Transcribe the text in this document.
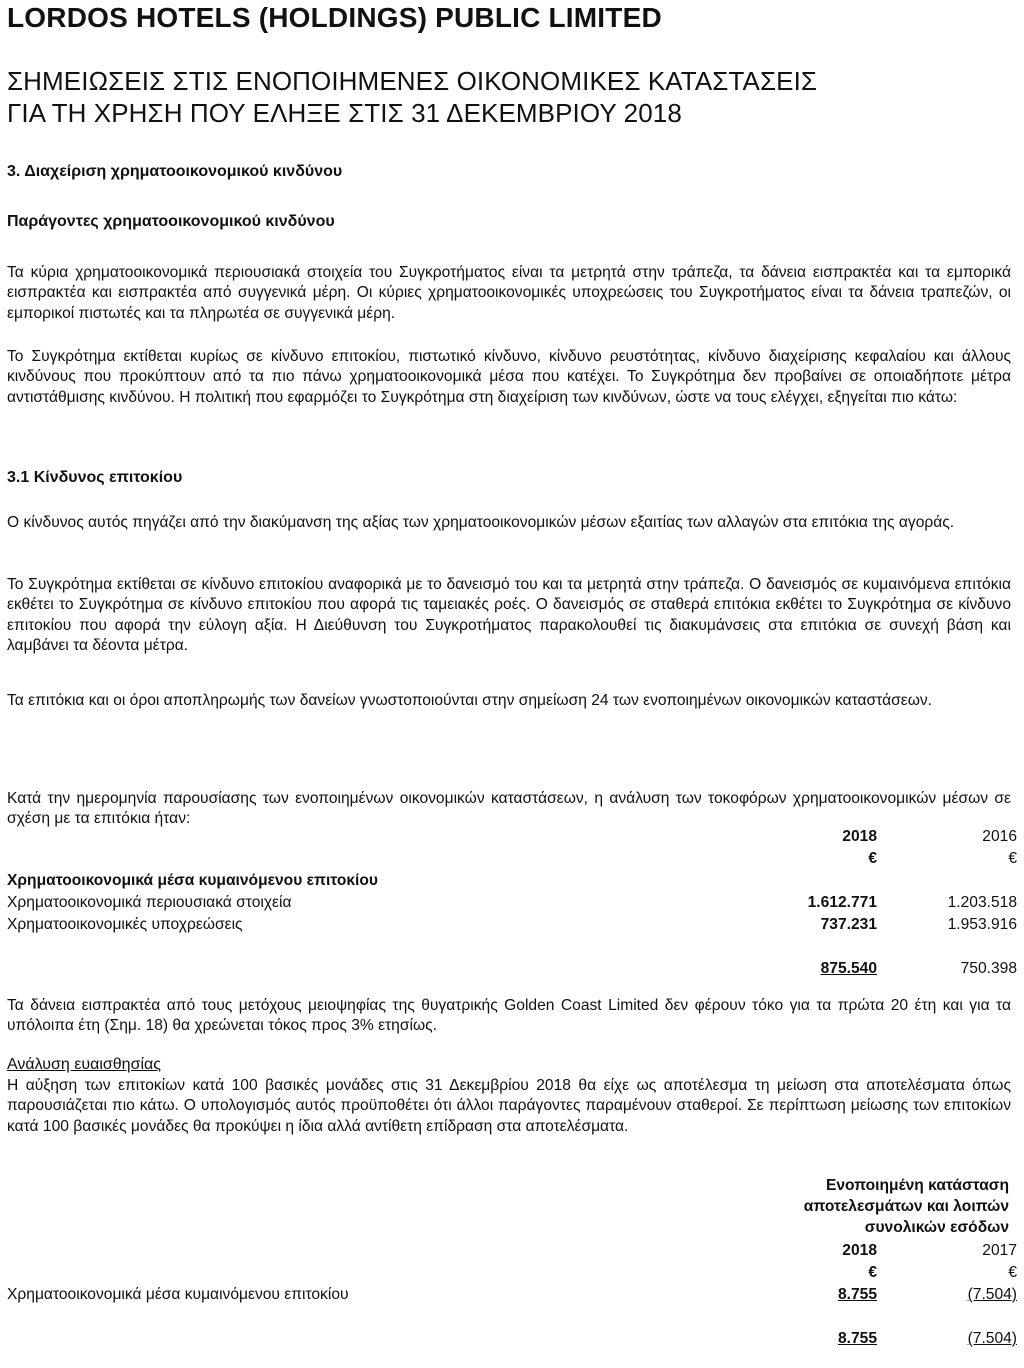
LORDOS HOTELS (HOLDINGS) PUBLIC LIMITED
ΣΗΜΕΙΩΣΕΙΣ ΣΤΙΣ ΕΝΟΠΟΙΗΜΕΝΕΣ ΟΙΚΟΝΟΜΙΚΕΣ ΚΑΤΑΣΤΑΣΕΙΣ
ΓΙΑ ΤΗ ΧΡΗΣΗ ΠΟΥ ΕΛΗΞΕ ΣΤΙΣ 31 ΔΕΚΕΜΒΡΙΟΥ 2018
3. Διαχείριση χρηματοοικονομικού κινδύνου
Παράγοντες χρηματοοικονομικού κινδύνου
Τα κύρια χρηματοοικονομικά περιουσιακά στοιχεία του Συγκροτήματος είναι τα μετρητά στην τράπεζα, τα δάνεια εισπρακτέα και τα εμπορικά εισπρακτέα και εισπρακτέα από συγγενικά μέρη. Οι κύριες χρηματοοικονομικές υποχρεώσεις του Συγκροτήματος είναι τα δάνεια τραπεζών, οι εμπορικοί πιστωτές και τα πληρωτέα σε συγγενικά μέρη.
Το Συγκρότημα εκτίθεται κυρίως σε κίνδυνο επιτοκίου, πιστωτικό κίνδυνο, κίνδυνο ρευστότητας, κίνδυνο διαχείρισης κεφαλαίου και άλλους κινδύνους που προκύπτουν από τα πιο πάνω χρηματοοικονομικά μέσα που κατέχει. Το Συγκρότημα δεν προβαίνει σε οποιαδήποτε μέτρα αντιστάθμισης κινδύνου. Η πολιτική που εφαρμόζει το Συγκρότημα στη διαχείριση των κινδύνων, ώστε να τους ελέγχει, εξηγείται πιο κάτω:
3.1 Κίνδυνος επιτοκίου
Ο κίνδυνος αυτός πηγάζει από την διακύμανση της αξίας των χρηματοοικονομικών μέσων εξαιτίας των αλλαγών στα επιτόκια της αγοράς.
Το Συγκρότημα εκτίθεται σε κίνδυνο επιτοκίου αναφορικά με το δανεισμό του και τα μετρητά στην τράπεζα. Ο δανεισμός σε κυμαινόμενα επιτόκια εκθέτει το Συγκρότημα σε κίνδυνο επιτοκίου που αφορά τις ταμειακές ροές. Ο δανεισμός σε σταθερά επιτόκια εκθέτει το Συγκρότημα σε κίνδυνο επιτοκίου που αφορά την εύλογη αξία. Η Διεύθυνση του Συγκροτήματος παρακολουθεί τις διακυμάνσεις στα επιτόκια σε συνεχή βάση και λαμβάνει τα δέοντα μέτρα.
Τα επιτόκια και οι όροι αποπληρωμής των δανείων γνωστοποιούνται στην σημείωση 24 των ενοποιημένων οικονομικών καταστάσεων.
Κατά την ημερομηνία παρουσίασης των ενοποιημένων οικονομικών καταστάσεων, η ανάλυση των τοκοφόρων χρηματοοικονομικών μέσων σε σχέση με τα επιτόκια ήταν:
	2018	2016
	€	€
Χρηματοοικονομικά μέσα κυμαινόμενου επιτοκίου		
Χρηματοοικονομικά περιουσιακά στοιχεία	1.612.771	1.203.518
Χρηματοοικονομικές υποχρεώσεις	737.231	1.953.916

	875.540	750.398
Τα δάνεια εισπρακτέα από τους μετόχους μειοψηφίας της θυγατρικής Golden Coast Limited δεν φέρουν τόκο για τα πρώτα 20 έτη και για τα υπόλοιπα έτη (Σημ. 18) θα χρεώνεται τόκος προς 3% ετησίως.
Ανάλυση ευαισθησίας
Η αύξηση των επιτοκίων κατά 100 βασικές μονάδες στις 31 Δεκεμβρίου 2018 θα είχε ως αποτέλεσμα τη μείωση στα αποτελέσματα όπως παρουσιάζεται πιο κάτω. Ο υπολογισμός αυτός προϋποθέτει ότι άλλοι παράγοντες παραμένουν σταθεροί. Σε περίπτωση μείωσης των επιτοκίων κατά 100 βασικές μονάδες θα προκύψει η ίδια αλλά αντίθετη επίδραση στα αποτελέσματα.
Ενοποιημένη κατάσταση
αποτελεσμάτων και λοιπών
συνολικών εσόδων
	2018	2017
	€	€
Χρηματοοικονομικά μέσα κυμαινόμενου επιτοκίου	8.755	(7.504)

	8.755	(7.504)
